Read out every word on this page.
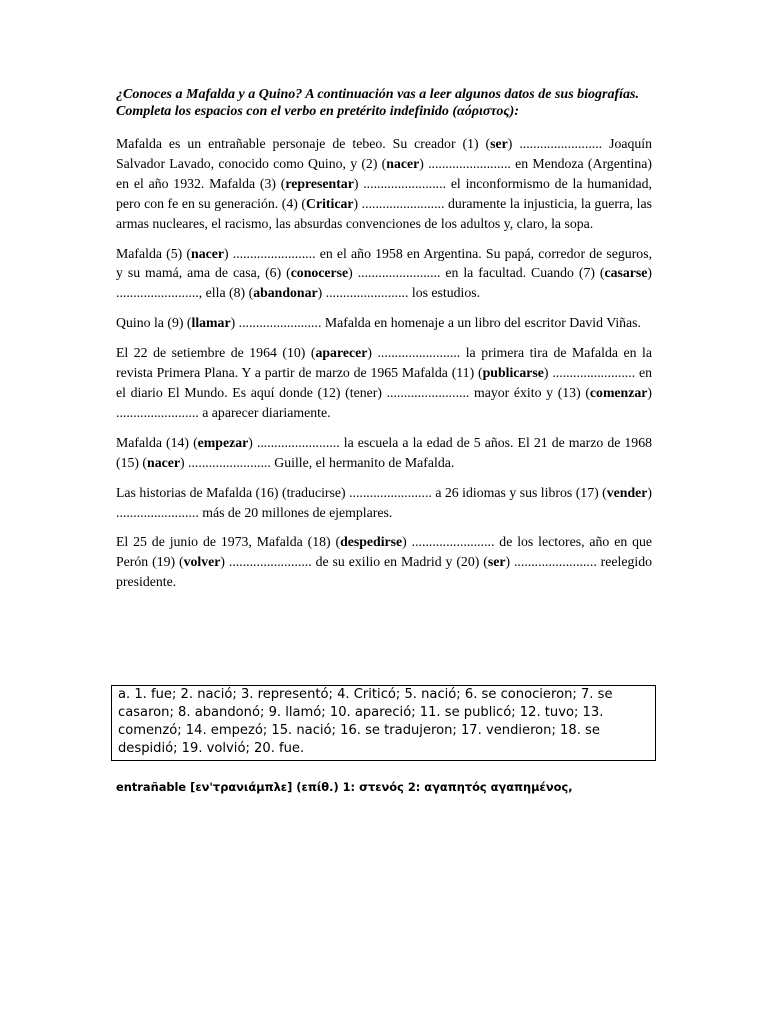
¿Conoces a Mafalda y a Quino? A continuación vas a leer algunos datos de sus biografías. Completa los espacios con el verbo en pretérito indefinido (αόριστος):

Mafalda es un entrañable personaje de tebeo. Su creador (1) (ser) ........................ Joaquín Salvador Lavado, conocido como Quino, y (2) (nacer) ........................ en Mendoza (Argentina) en el año 1932. Mafalda (3) (representar) ........................ el inconformismo de la humanidad, pero con fe en su generación. (4) (Criticar) ........................ duramente la injusticia, la guerra, las armas nucleares, el racismo, las absurdas convenciones de los adultos y, claro, la sopa.

Mafalda (5) (nacer) ........................ en el año 1958 en Argentina. Su papá, corredor de seguros, y su mamá, ama de casa, (6) (conocerse) ........................ en la facultad. Cuando (7) (casarse) ........................, ella (8) (abandonar) ........................ los estudios.

Quino la (9) (llamar) ........................ Mafalda en homenaje a un libro del escritor David Viñas.

El 22 de setiembre de 1964 (10) (aparecer) ........................ la primera tira de Mafalda en la revista Primera Plana. Y a partir de marzo de 1965 Mafalda (11) (publicarse) ........................ en el diario El Mundo. Es aquí donde (12) (tener) ........................ mayor éxito y (13) (comenzar) ........................ a aparecer diariamente.

Mafalda (14) (empezar) ........................ la escuela a la edad de 5 años. El 21 de marzo de 1968 (15) (nacer) ........................ Guille, el hermanito de Mafalda.

Las historias de Mafalda (16) (traducirse) ........................ a 26 idiomas y sus libros (17) (vender) ........................ más de 20 millones de ejemplares.

El 25 de junio de 1973, Mafalda (18) (despedirse) ........................ de los lectores, año en que Perón (19) (volver) ........................ de su exilio en Madrid y (20) (ser) ........................ reelegido presidente.

a. 1. fue; 2. nació; 3. representó; 4. Criticó; 5. nació; 6. se conocieron; 7. se casaron; 8. abandonó; 9. llamó; 10. apareció; 11. se publicó; 12. tuvo; 13. comenzó; 14. empezó; 15. nació; 16. se tradujeron; 17. vendieron; 18. se despidió; 19. volvió; 20. fue.
entrañable [εν'τρανιάμπλε] (επίθ.) 1: στενός 2: αγαπητός αγαπημένος,
